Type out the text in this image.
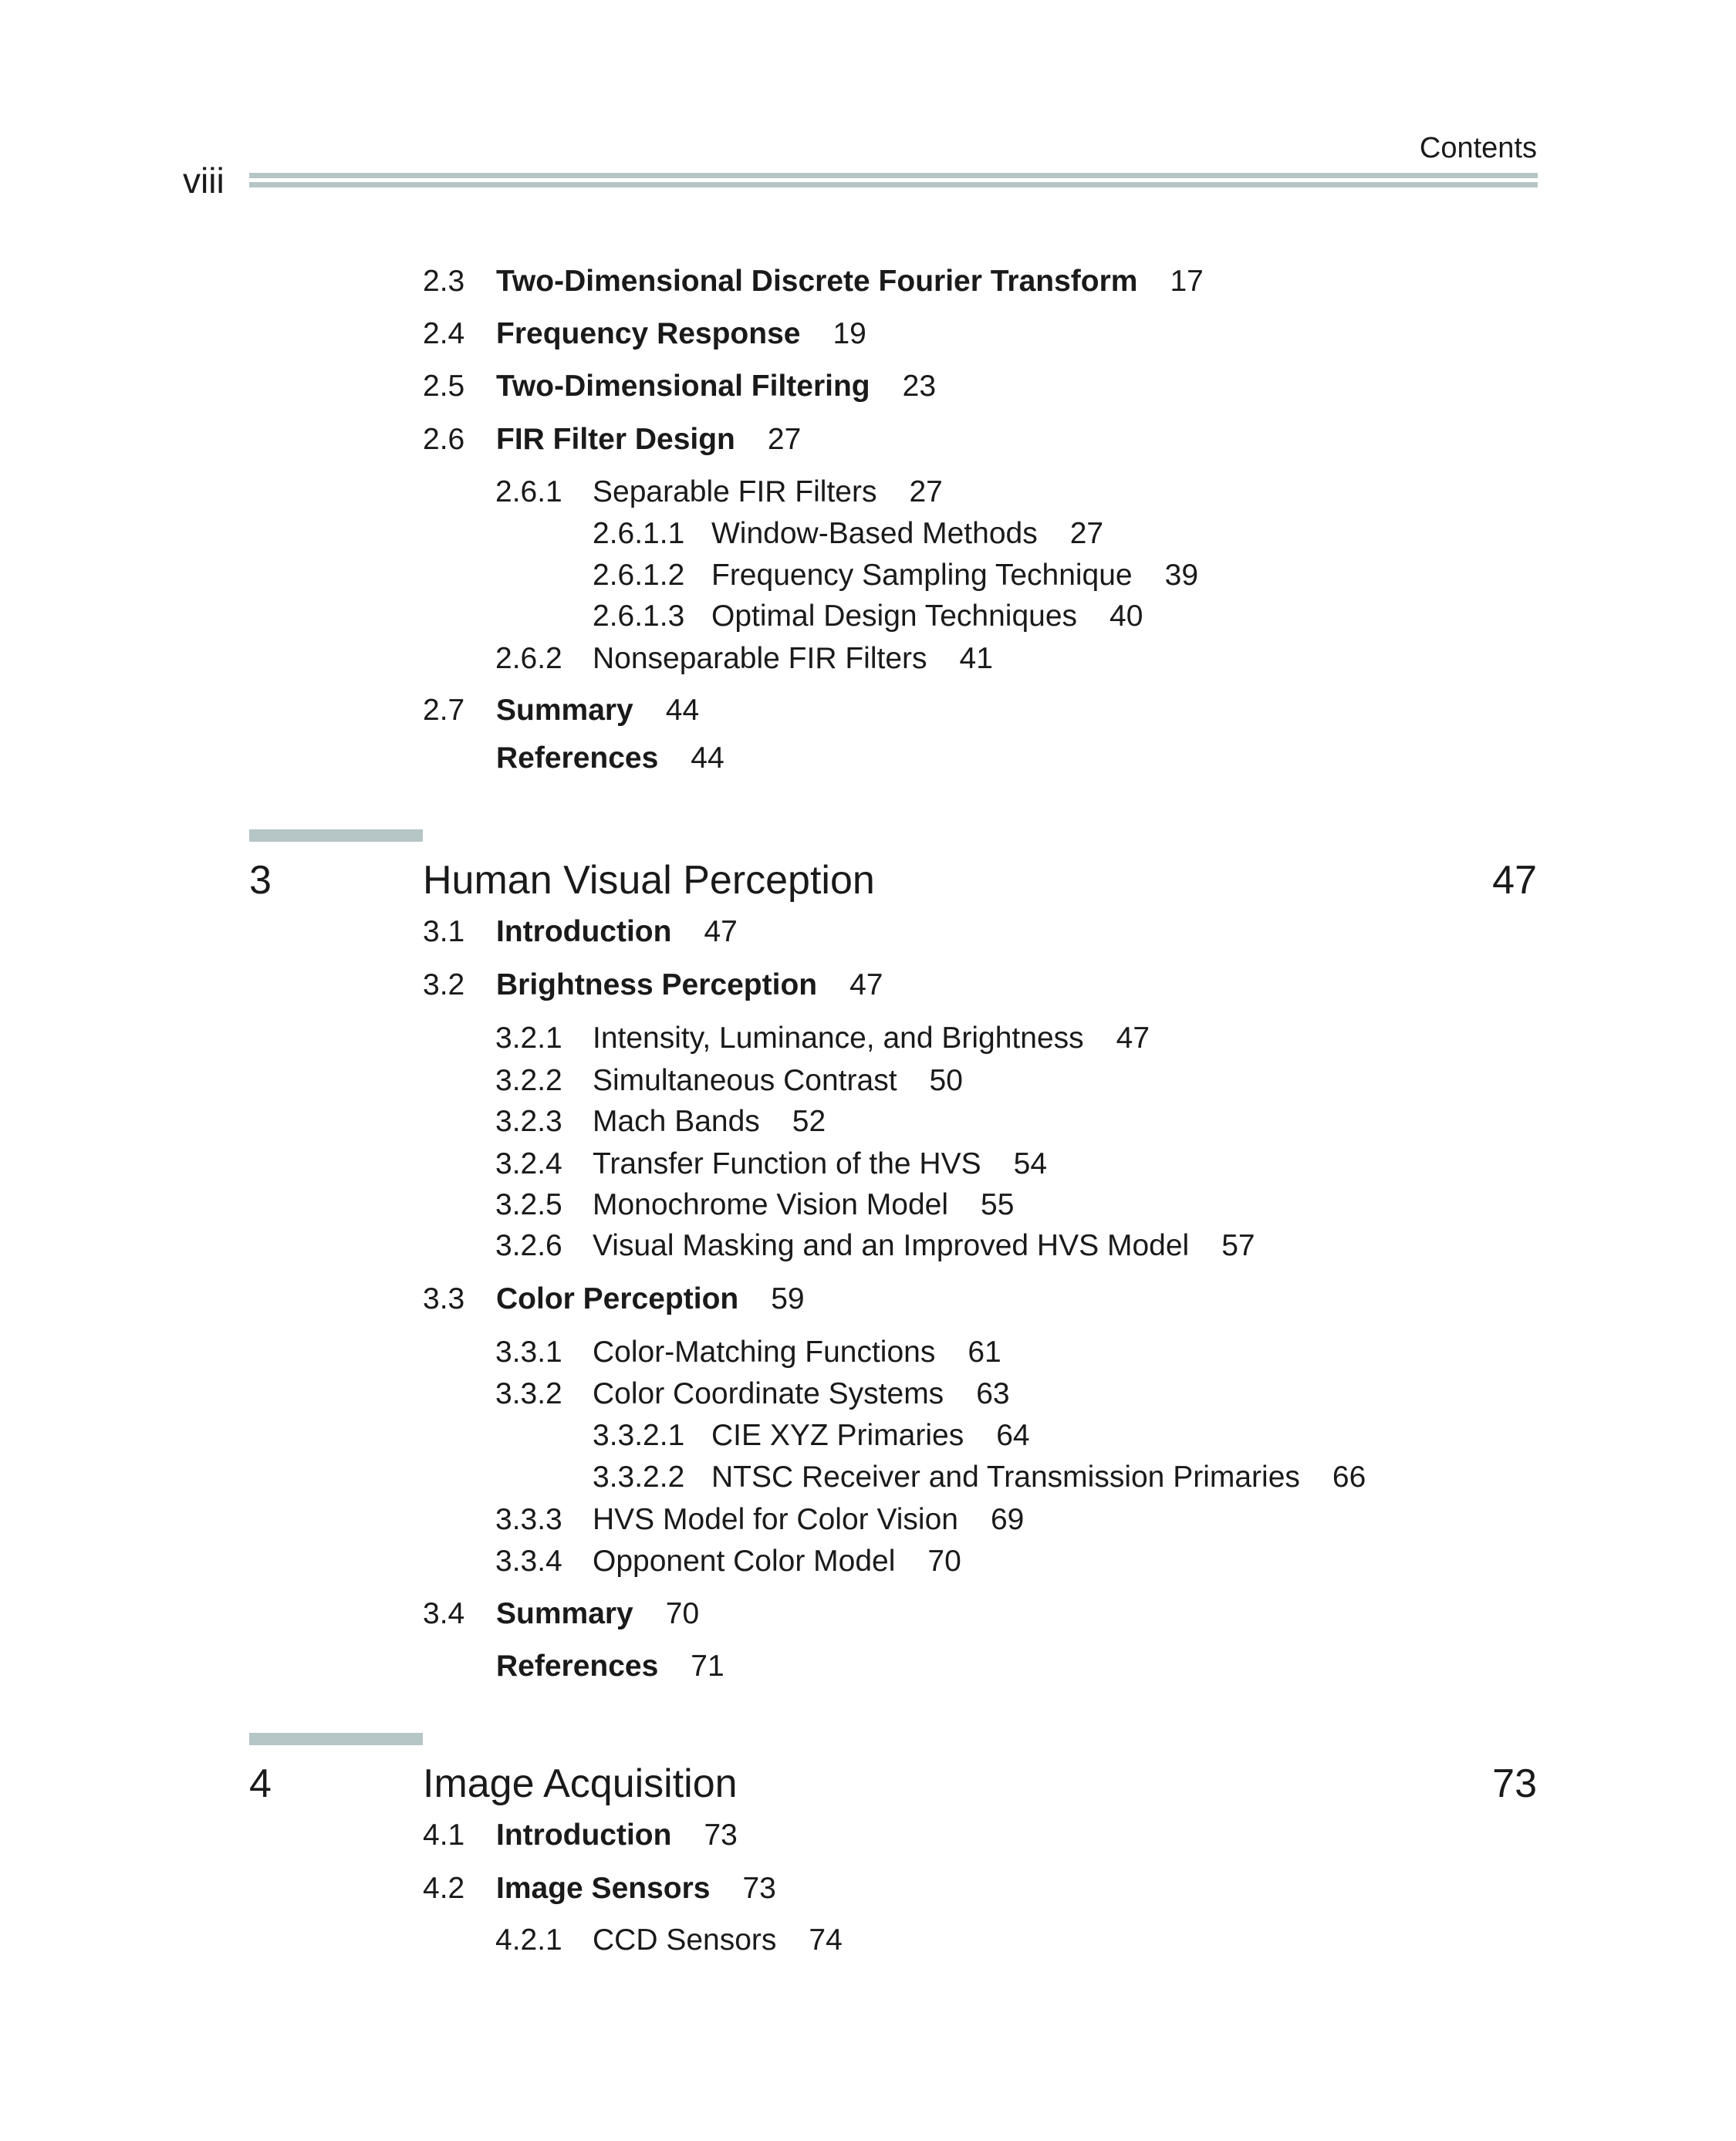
viii
Contents
2.3 Two-Dimensional Discrete Fourier Transform 17
2.4 Frequency Response 19
2.5 Two-Dimensional Filtering 23
2.6 FIR Filter Design 27
2.6.1 Separable FIR Filters 27
2.6.1.1 Window-Based Methods 27
2.6.1.2 Frequency Sampling Technique 39
2.6.1.3 Optimal Design Techniques 40
2.6.2 Nonseparable FIR Filters 41
2.7 Summary 44
References 44
3	Human Visual Perception	47
3.1 Introduction 47
3.2 Brightness Perception 47
3.2.1 Intensity, Luminance, and Brightness 47
3.2.2 Simultaneous Contrast 50
3.2.3 Mach Bands 52
3.2.4 Transfer Function of the HVS 54
3.2.5 Monochrome Vision Model 55
3.2.6 Visual Masking and an Improved HVS Model 57
3.3 Color Perception 59
3.3.1 Color-Matching Functions 61
3.3.2 Color Coordinate Systems 63
3.3.2.1 CIE XYZ Primaries 64
3.3.2.2 NTSC Receiver and Transmission Primaries 66
3.3.3 HVS Model for Color Vision 69
3.3.4 Opponent Color Model 70
3.4 Summary 70
References 71
4	Image Acquisition	73
4.1 Introduction 73
4.2 Image Sensors 73
4.2.1 CCD Sensors 74
